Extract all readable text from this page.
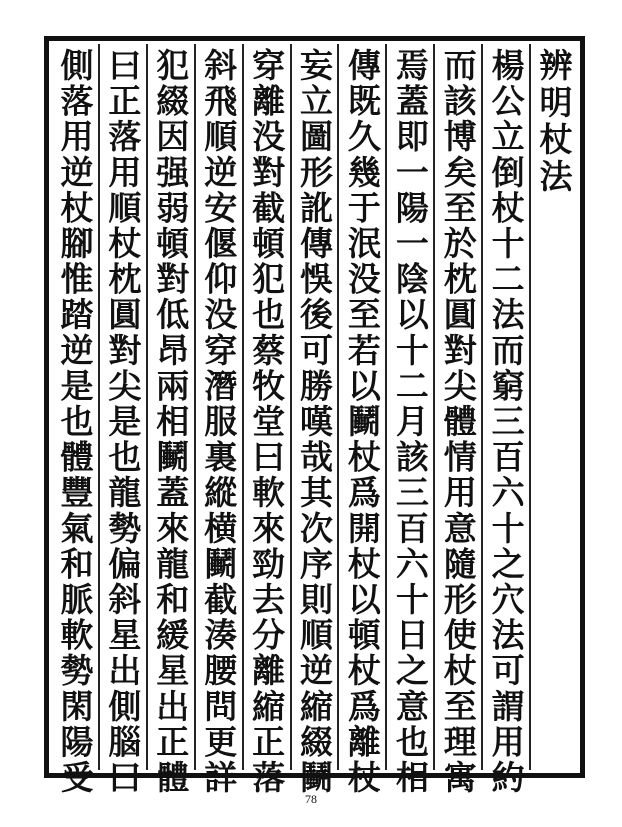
辨明杖法
楊公立倒杖十二法而窮三百六十之穴法可謂用約
而該博矣至於枕圓對尖體情用意隨形使杖至理寓
焉蓋即一陽一陰以十二月該三百六十日之意也相
傳既久幾于泯没至若以鬭杖爲開杖以頓杖爲離杖
妄立圖形訛傳悞後可勝嘆哉其次序則順逆縮綴鬭
穿離没對截頓犯也蔡牧堂曰軟來勁去分離縮正落
斜飛順逆安偃仰没穿潛服裏縱横鬭截湊腰問更詳
犯綴因强弱頓對低昂兩相鬭蓋來龍和緩星出正體
曰正落用順杖枕圓對尖是也龍勢偏斜星出側腦曰
側落用逆杖腳惟踏逆是也體豐氣和脈軟勢閑陽受
78
